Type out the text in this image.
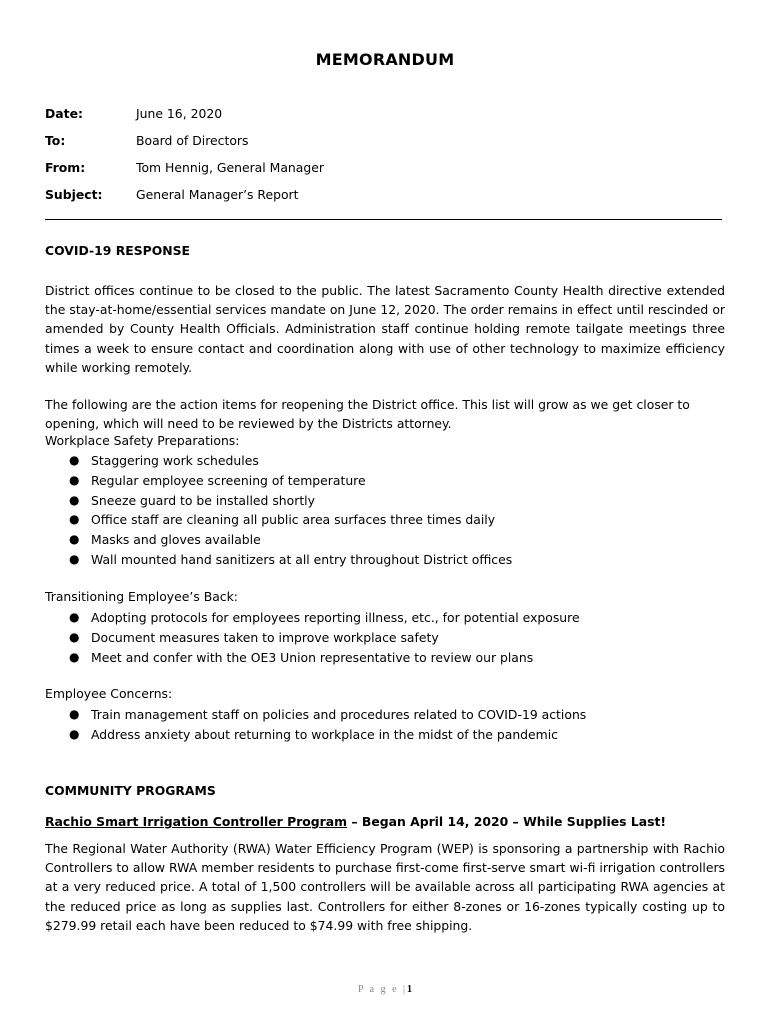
MEMORANDUM
Date:	June 16, 2020
To:	Board of Directors
From:	Tom Hennig, General Manager
Subject:	General Manager’s Report
COVID-19 RESPONSE
District offices continue to be closed to the public. The latest Sacramento County Health directive extended the stay-at-home/essential services mandate on June 12, 2020. The order remains in effect until rescinded or amended by County Health Officials. Administration staff continue holding remote tailgate meetings three times a week to ensure contact and coordination along with use of other technology to maximize efficiency while working remotely.
The following are the action items for reopening the District office. This list will grow as we get closer to opening, which will need to be reviewed by the Districts attorney.
Workplace Safety Preparations:
● Staggering work schedules
● Regular employee screening of temperature
● Sneeze guard to be installed shortly
● Office staff are cleaning all public area surfaces three times daily
● Masks and gloves available
● Wall mounted hand sanitizers at all entry throughout District offices
Transitioning Employee’s Back:
● Adopting protocols for employees reporting illness, etc., for potential exposure
● Document measures taken to improve workplace safety
● Meet and confer with the OE3 Union representative to review our plans
Employee Concerns:
● Train management staff on policies and procedures related to COVID-19 actions
● Address anxiety about returning to workplace in the midst of the pandemic
COMMUNITY PROGRAMS
Rachio Smart Irrigation Controller Program – Began April 14, 2020 – While Supplies Last!
The Regional Water Authority (RWA) Water Efficiency Program (WEP) is sponsoring a partnership with Rachio Controllers to allow RWA member residents to purchase first-come first-serve smart wi-fi irrigation controllers at a very reduced price. A total of 1,500 controllers will be available across all participating RWA agencies at the reduced price as long as supplies last. Controllers for either 8-zones or 16-zones typically costing up to $279.99 retail each have been reduced to $74.99 with free shipping.
P a g e |1
